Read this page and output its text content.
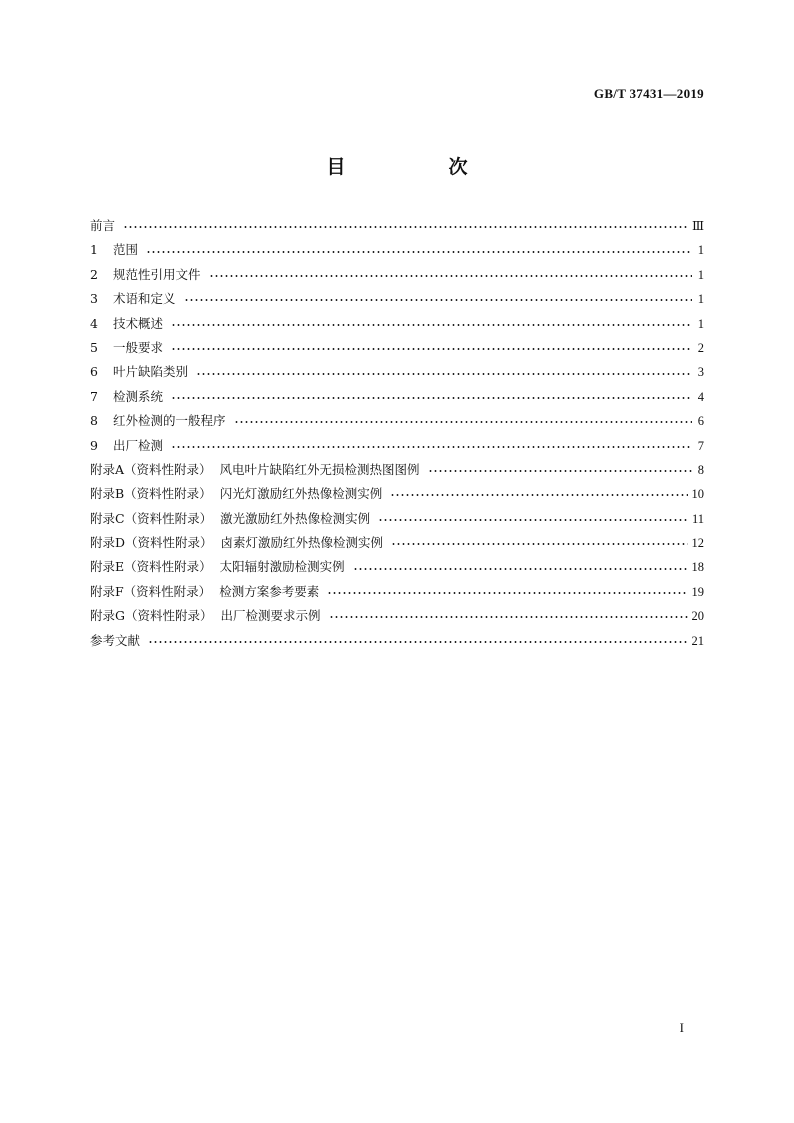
GB/T 37431—2019
目　次
前言	Ⅲ
1	范围	1
2	规范性引用文件	1
3	术语和定义	1
4	技术概述	1
5	一般要求	2
6	叶片缺陷类别	3
7	检测系统	4
8	红外检测的一般程序	6
9	出厂检测	7
附录A（资料性附录） 风电叶片缺陷红外无损检测热图图例	8
附录B（资料性附录） 闪光灯激励红外热像检测实例	10
附录C（资料性附录） 激光激励红外热像检测实例	11
附录D（资料性附录） 卤素灯激励红外热像检测实例	12
附录E（资料性附录） 太阳辐射激励检测实例	18
附录F（资料性附录） 检测方案参考要素	19
附录G（资料性附录） 出厂检测要求示例	20
参考文献	21
I
